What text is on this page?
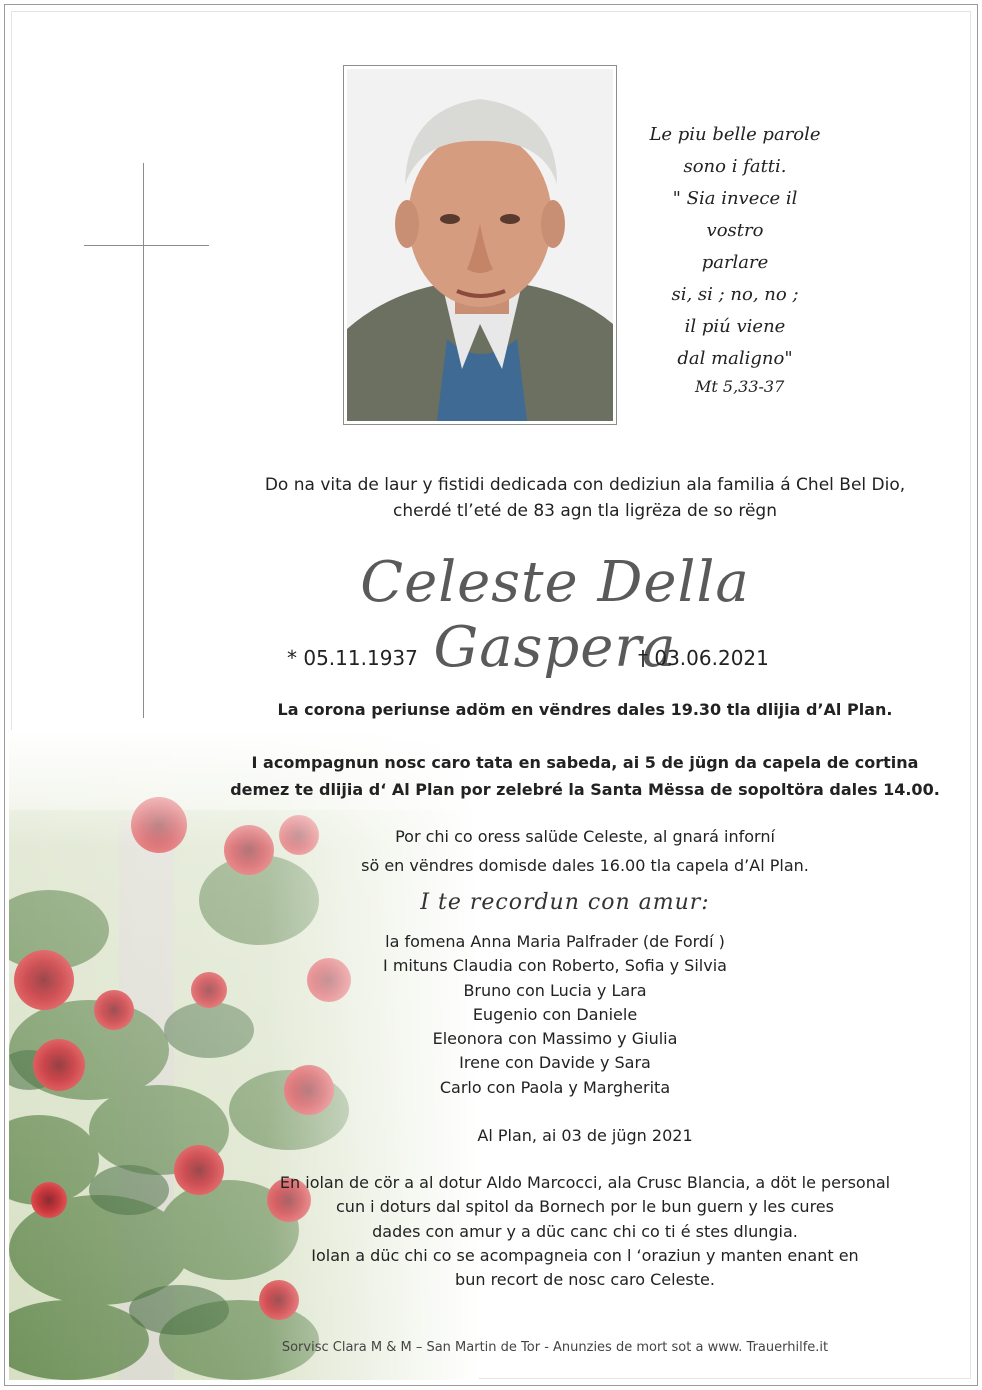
Le piu belle parole
sono i fatti.
" Sia invece il vostro
parlare
si, si ; no, no ;
il piú viene
dal maligno"
Mt 5,33-37
Do na vita de laur y fistidi dedicada con dediziun ala familia á Chel Bel Dio,
cherdé tl’eté de 83 agn tla ligrëza de so rëgn
Celeste Della Gaspera
* 05.11.1937	† 03.06.2021
La corona periunse adöm en vëndres dales 19.30 tla dlijia d’Al Plan.
I acompagnun nosc caro tata en sabeda, ai 5 de jügn da capela de cortina
demez te dlijia d‘ Al Plan por zelebré la Santa Mëssa de sopoltöra dales 14.00.
Por chi co oress salüde Celeste, al gnará inforní
sö en vëndres domisde dales 16.00 tla capela d’Al Plan.
I te recordun con amur:
la fomena Anna Maria Palfrader (de Fordí )
I mituns Claudia con Roberto, Sofia y Silvia
Bruno con Lucia y Lara
Eugenio con Daniele
Eleonora con Massimo y Giulia
Irene con Davide y Sara
Carlo con Paola y Margherita
Al Plan, ai 03 de jügn 2021
En iolan de cör a al dotur Aldo Marcocci, ala Crusc Blancia, a döt le personal
cun i doturs dal spitol da Bornech por le bun guern y les cures
dades con amur y a düc canc chi co ti é stes dlungia.
Iolan a düc chi co se acompagneia con l ‘oraziun y manten enant en
bun recort de nosc caro Celeste.
Sorvisc Clara M & M – San Martin de Tor - Anunzies de mort sot a www. Trauerhilfe.it
